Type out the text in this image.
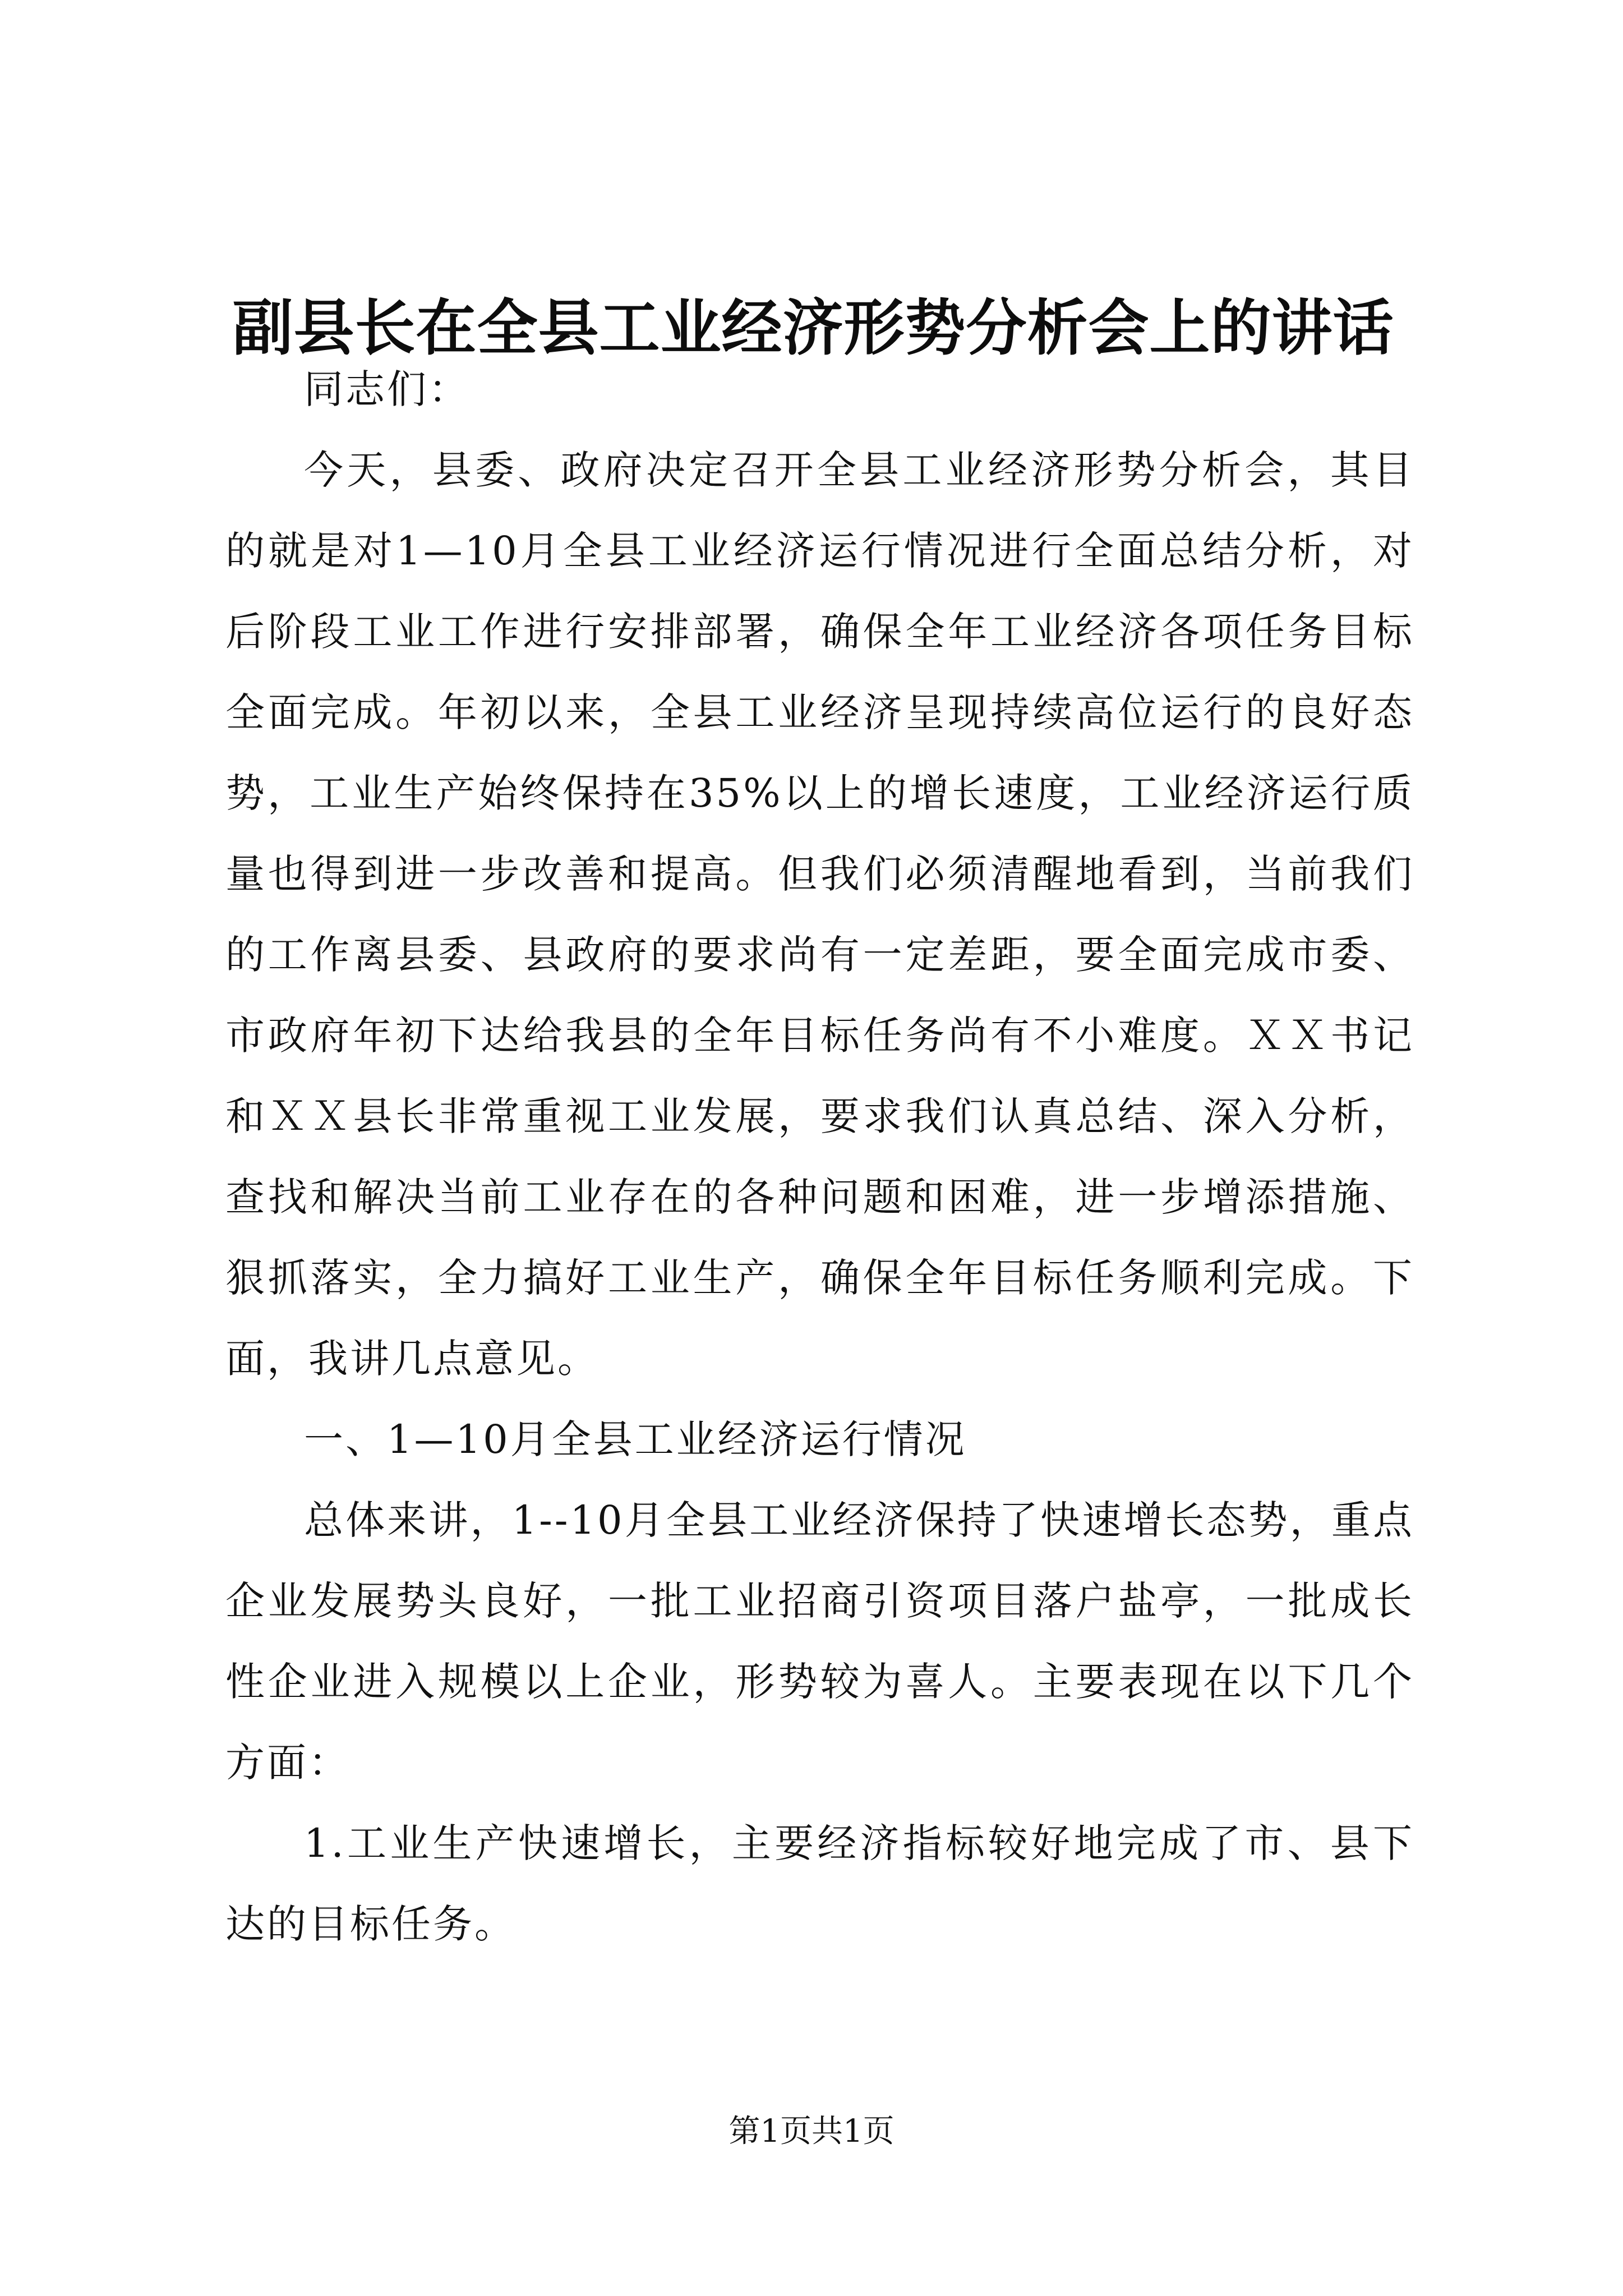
副县长在全县工业经济形势分析会上的讲话

同志们：

今天，县委、政府决定召开全县工业经济形势分析会，其目的就是对1—10月全县工业经济运行情况进行全面总结分析，对后阶段工业工作进行安排部署，确保全年工业经济各项任务目标全面完成。年初以来，全县工业经济呈现持续高位运行的良好态势，工业生产始终保持在35%以上的增长速度，工业经济运行质量也得到进一步改善和提高。但我们必须清醒地看到，当前我们的工作离县委、县政府的要求尚有一定差距，要全面完成市委、市政府年初下达给我县的全年目标任务尚有不小难度。ＸＸ书记和ＸＸ县长非常重视工业发展，要求我们认真总结、深入分析，查找和解决当前工业存在的各种问题和困难，进一步增添措施、狠抓落实，全力搞好工业生产，确保全年目标任务顺利完成。下面，我讲几点意见。

一、1—10月全县工业经济运行情况

总体来讲，1--10月全县工业经济保持了快速增长态势，重点企业发展势头良好，一批工业招商引资项目落户盐亭，一批成长性企业进入规模以上企业，形势较为喜人。主要表现在以下几个方面：

1.工业生产快速增长，主要经济指标较好地完成了市、县下达的目标任务。

第1页共1页
